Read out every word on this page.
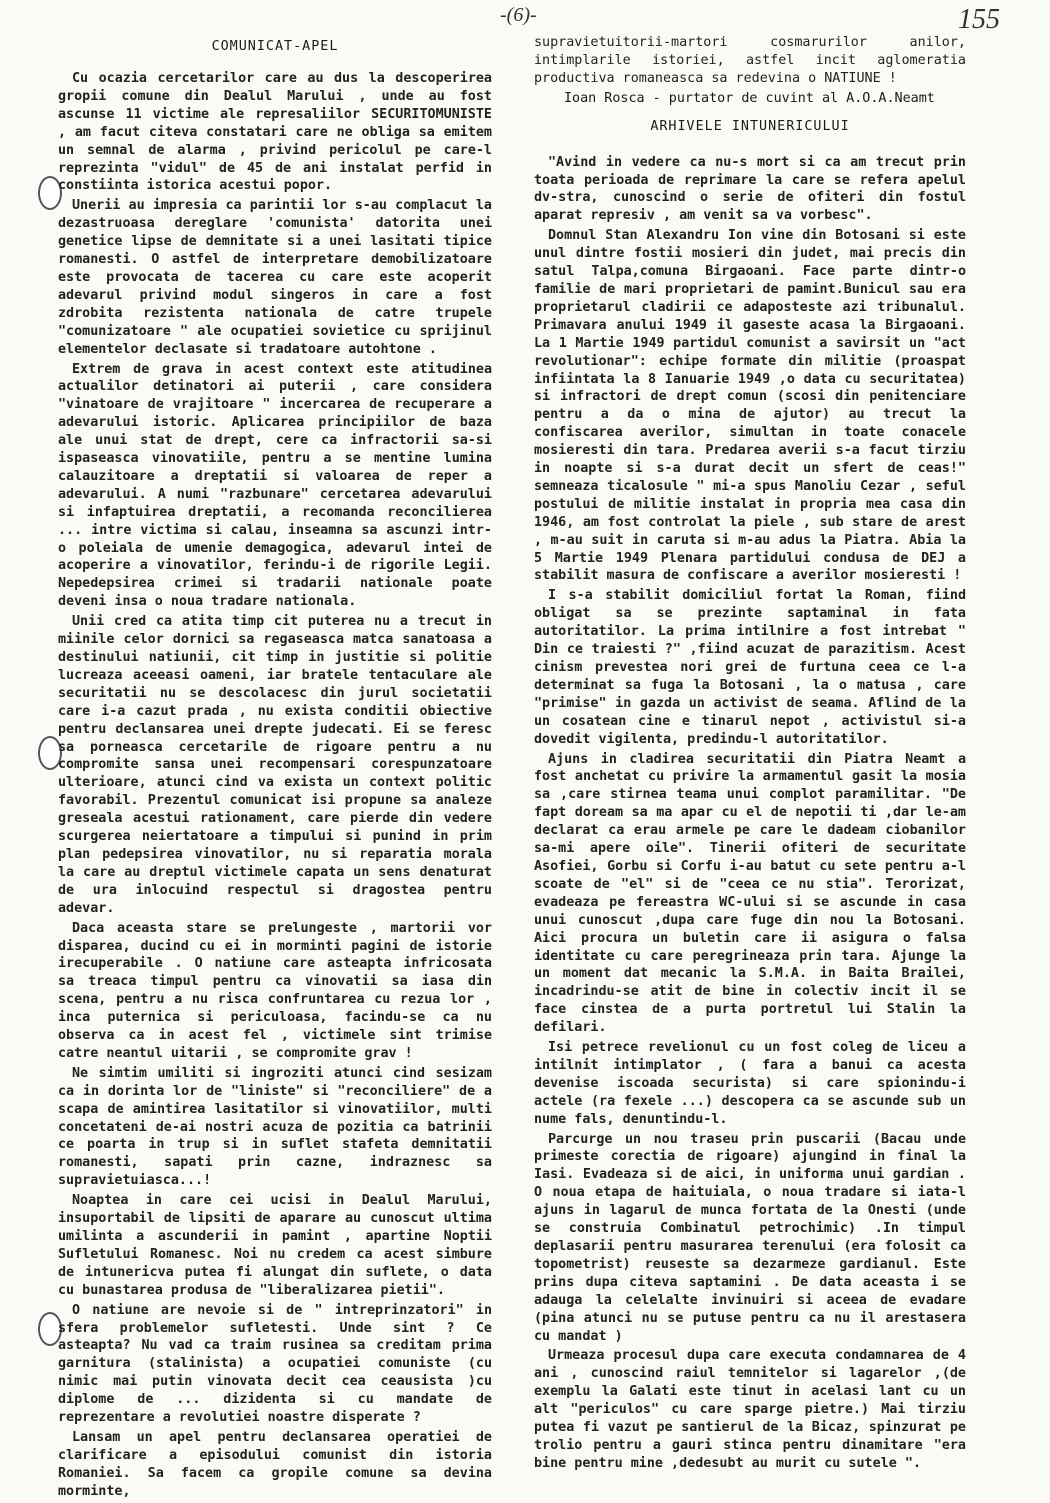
-(6)-	155
COMUNICAT-APEL

Cu ocazia cercetarilor care au dus la descoperirea gropii comune din Dealul Marului , unde au fost ascunse 11 victime ale represaliilor SECURITOMUNISTE , am facut citeva constatari care ne obliga sa emitem un semnal de alarma , privind pericolul pe care-l reprezinta "vidul" de 45 de ani instalat perfid in constiinta istorica acestui popor.

Unerii au impresia ca parintii lor s-au complacut la dezastruoasa dereglare 'comunista' datorita unei genetice lipse de demnitate si a unei lasitati tipice romanesti. O astfel de interpretare demobilizatoare este provocata de tacerea cu care este acoperit adevarul privind modul singeros in care a fost zdrobita rezistenta nationala de catre trupele "comunizatoare " ale ocupatiei sovietice cu sprijinul elementelor declasate si tradatoare autohtone .

Extrem de grava in acest context este atitudinea actualilor detinatori ai puterii , care considera "vinatoare de vrajitoare " incercarea de recuperare a adevarului istoric. Aplicarea principiilor de baza ale unui stat de drept, cere ca infractorii sa-si ispaseasca vinovatiile, pentru a se mentine lumina calauzitoare a dreptatii si valoarea de reper a adevarului. A numi "razbunare" cercetarea adevarului si infaptuirea dreptatii, a recomanda reconcilierea ... intre victima si calau, inseamna sa ascunzi intr-o poleiala de umenie demagogica, adevarul intei de acoperire a vinovatilor, ferindu-i de rigorile Legii. Nepedepsirea crimei si tradarii nationale poate deveni insa o noua tradare nationala.

Unii cred ca atita timp cit puterea nu a trecut in miinile celor dornici sa regaseasca matca sanatoasa a destinului natiunii, cit timp in justitie si politie lucreaza aceeasi oameni, iar bratele tentaculare ale securitatii nu se descolacesc din jurul societatii care i-a cazut prada , nu exista conditii obiective pentru declansarea unei drepte judecati. Ei se feresc sa porneasca cercetarile de rigoare pentru a nu compromite sansa unei recompensari corespunzatoare ulterioare, atunci cind va exista un context politic favorabil. Prezentul comunicat isi propune sa analeze greseala acestui rationament, care pierde din vedere scurgerea neiertatoare a timpului si punind in prim plan pedepsirea vinovatilor, nu si reparatia morala la care au dreptul victimele capata un sens denaturat de ura inlocuind respectul si dragostea pentru adevar.

Daca aceasta stare se prelungeste , martorii vor disparea, ducind cu ei in morminti pagini de istorie irecuperabile . O natiune care asteapta infricosata sa treaca timpul pentru ca vinovatii sa iasa din scena, pentru a nu risca confruntarea cu rezua lor , inca puternica si periculoasa, facindu-se ca nu observa ca in acest fel , victimele sint trimise catre neantul uitarii , se compromite grav !

Ne simtim umiliti si ingroziti atunci cind sesizam ca in dorinta lor de "liniste" si "reconciliere" de a scapa de amintirea lasitatilor si vinovatiilor, multi concetateni de-ai nostri acuza de pozitia ca batrinii ce poarta in trup si in suflet stafeta demnitatii romanesti, sapati prin cazne, indraznesc sa supravietuiasca...!

Noaptea in care cei ucisi in Dealul Marului, insuportabil de lipsiti de aparare au cunoscut ultima umilinta a ascunderii in pamint , apartine Noptii Sufletului Romanesc. Noi nu credem ca acest simbure de intunericva putea fi alungat din suflete, o data cu bunastarea produsa de "liberalizarea pietii".

O natiune are nevoie si de " intreprinzatori" in sfera problemelor sufletesti. Unde sint ? Ce asteapta? Nu vad ca traim rusinea sa creditam prima garnitura (stalinista) a ocupatiei comuniste (cu nimic mai putin vinovata decit cea ceausista )cu diplome de ... dizidenta si cu mandate de reprezentare a revolutiei noastre disperate ?

Lansam un apel pentru declansarea operatiei de clarificare a episodului comunist din istoria Romaniei. Sa facem ca gropile comune sa devina morminte,

supravietuitorii-martori cosmarurilor anilor, intimplarile istoriei, astfel incit aglomeratia productiva romaneasca sa redevina o NATIUNE !

Ioan Rosca - purtator de cuvint al A.O.A.Neamt
ARHIVELE INTUNERICULUI

"Avind in vedere ca nu-s mort si ca am trecut prin toata perioada de reprimare la care se refera apelul dv-stra, cunoscind o serie de ofiteri din fostul aparat represiv , am venit sa va vorbesc".

Domnul Stan Alexandru Ion vine din Botosani si este unul dintre fostii mosieri din judet, mai precis din satul Talpa,comuna Birgaoani. Face parte dintr-o familie de mari proprietari de pamint.Bunicul sau era proprietarul cladirii ce adaposteste azi tribunalul. Primavara anului 1949 il gaseste acasa la Birgaoani. La 1 Martie 1949 partidul comunist a savirsit un "act revolutionar": echipe formate din militie (proaspat infiintata la 8 Ianuarie 1949 ,o data cu securitatea) si infractori de drept comun (scosi din penitenciare pentru a da o mina de ajutor) au trecut la confiscarea averilor, simultan in toate conacele mosieresti din tara. Predarea averii s-a facut tirziu in noapte si s-a durat decit un sfert de ceas!" semneaza ticalosule " mi-a spus Manoliu Cezar , seful postului de militie instalat in propria mea casa din 1946, am fost controlat la piele , sub stare de arest , m-au suit in caruta si m-au adus la Piatra. Abia la 5 Martie 1949 Plenara partidului condusa de DEJ a stabilit masura de confiscare a averilor mosieresti !

I s-a stabilit domiciliul fortat la Roman, fiind obligat sa se prezinte saptaminal in fata autoritatilor. La prima intilnire a fost intrebat " Din ce traiesti ?" ,fiind acuzat de parazitism. Acest cinism prevestea nori grei de furtuna ceea ce l-a determinat sa fuga la Botosani , la o matusa , care "primise" in gazda un activist de seama. Aflind de la un cosatean cine e tinarul nepot , activistul si-a dovedit vigilenta, predindu-l autoritatilor.

Ajuns in cladirea securitatii din Piatra Neamt a fost anchetat cu privire la armamentul gasit la mosia sa ,care stirnea teama unui complot paramilitar. "De fapt doream sa ma apar cu el de nepotii ti ,dar le-am declarat ca erau armele pe care le dadeam ciobanilor sa-mi apere oile". Tinerii ofiteri de securitate Asofiei, Gorbu si Corfu i-au batut cu sete pentru a-l scoate de "el" si de "ceea ce nu stia". Terorizat, evadeaza pe fereastra WC-ului si se ascunde in casa unui cunoscut ,dupa care fuge din nou la Botosani. Aici procura un buletin care ii asigura o falsa identitate cu care peregrineaza prin tara. Ajunge la un moment dat mecanic la S.M.A. in Baita Brailei, incadrindu-se atit de bine in colectiv incit il se face cinstea de a purta portretul lui Stalin la defilari.

Isi petrece revelionul cu un fost coleg de liceu a intilnit intimplator , ( fara a banui ca acesta devenise iscoada securista) si care spionindu-i actele (ra fexele ...) descopera ca se ascunde sub un nume fals, denuntindu-l.

Parcurge un nou traseu prin puscarii (Bacau unde primeste corectia de rigoare) ajungind in final la Iasi. Evadeaza si de aici, in uniforma unui gardian . O noua etapa de haituiala, o noua tradare si iata-l ajuns in lagarul de munca fortata de la Onesti (unde se construia Combinatul petrochimic) .In timpul deplasarii pentru masurarea terenului (era folosit ca topometrist) reuseste sa dezarmeze gardianul. Este prins dupa citeva saptamini . De data aceasta i se adauga la celelalte invinuiri si aceea de evadare (pina atunci nu se putuse pentru ca nu il arestasera cu mandat )

Urmeaza procesul dupa care executa condamnarea de 4 ani , cunoscind raiul temnitelor si lagarelor ,(de exemplu la Galati este tinut in acelasi lant cu un alt "periculos" cu care sparge pietre.) Mai tirziu putea fi vazut pe santierul de la Bicaz, spinzurat pe trolio pentru a gauri stinca pentru dinamitare "era bine pentru mine ,dedesubt au murit cu sutele ".
